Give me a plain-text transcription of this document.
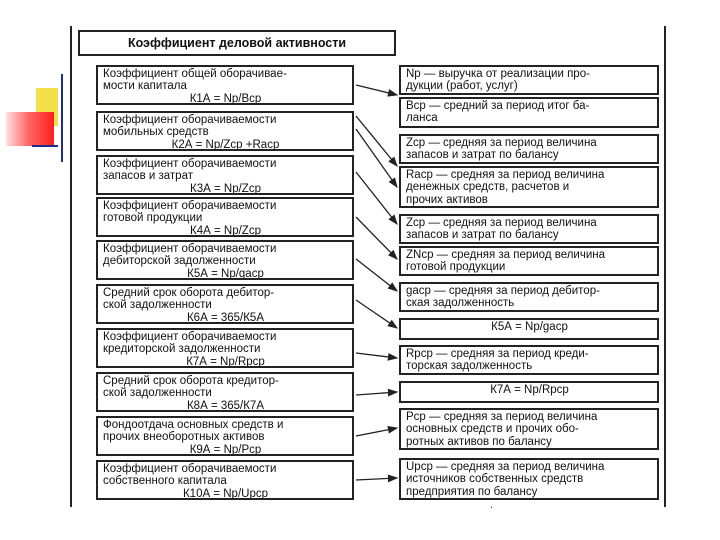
Коэффициент деловой активности
Коэффициент общей оборачивае-
мости капитала
К1А = Nр/Вср
Коэффициент оборачиваемости
мобильных средств
К2А = Nр/Zср +Rаср
Коэффициент оборачиваемости
запасов и затрат
К3А = Nр/Zср
Коэффициент оборачиваемости
готовой продукции
К4А = Nр/Zср
Коэффициент оборачиваемости
дебиторской задолженности
К5А = Nр/gаср
Средний срок оборота дебитор-
ской задолженности
К6А = 365/К5А
Коэффициент оборачиваемости
кредиторской задолженности
К7А = Nр/Rрср
Средний срок оборота кредитор-
ской задолженности
К8А = 365/К7А
Фондоотдача основных средств и
прочих внеоборотных активов
К9А = Nр/Рср
Коэффициент оборачиваемости
собственного капитала
К10А = Nр/Uрср
Nр — выручка от реализации про-
дукции (работ, услуг)
Вср — средний за период итог ба-
ланса
Zср — средняя за период величина
запасов и затрат по балансу
Rаср — средняя за период величина
денежных средств, расчетов и
прочих активов
Zср — средняя за период величина
запасов и затрат по балансу
ZNср — средняя за период величина
готовой продукции
gаср — средняя за период дебитор-
ская задолженность
К5А = Nр/gаср
Rрср — средняя за период креди-
торская задолженность
К7А = Nр/Rрср
Рср — средняя за период величина
основных средств и прочих обо-
ротных активов по балансу
Uрср — средняя за период величина
источников собственных средств
предприятия по балансу
.
